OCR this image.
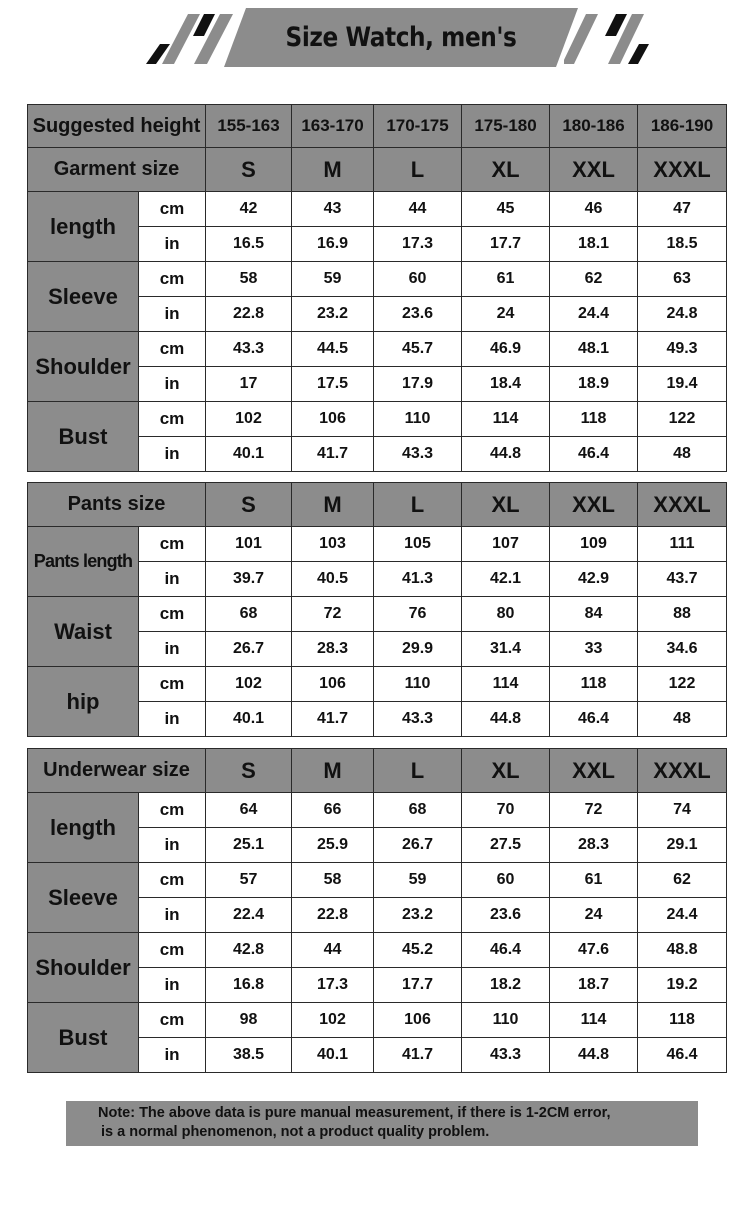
Size Watch, men's
Suggested height		155-163	163-170	170-175	175-180	180-186	186-190
Garment size		S	M	L	XL	XXL	XXXL
length	cm	42	43	44	45	46	47
	in	16.5	16.9	17.3	17.7	18.1	18.5
Sleeve	cm	58	59	60	61	62	63
	in	22.8	23.2	23.6	24	24.4	24.8
Shoulder	cm	43.3	44.5	45.7	46.9	48.1	49.3
	in	17	17.5	17.9	18.4	18.9	19.4
Bust	cm	102	106	110	114	118	122
	in	40.1	41.7	43.3	44.8	46.4	48
Pants size		S	M	L	XL	XXL	XXXL
Pants length	cm	101	103	105	107	109	111
	in	39.7	40.5	41.3	42.1	42.9	43.7
Waist	cm	68	72	76	80	84	88
	in	26.7	28.3	29.9	31.4	33	34.6
hip	cm	102	106	110	114	118	122
	in	40.1	41.7	43.3	44.8	46.4	48
Underwear size		S	M	L	XL	XXL	XXXL
length	cm	64	66	68	70	72	74
	in	25.1	25.9	26.7	27.5	28.3	29.1
Sleeve	cm	57	58	59	60	61	62
	in	22.4	22.8	23.2	23.6	24	24.4
Shoulder	cm	42.8	44	45.2	46.4	47.6	48.8
	in	16.8	17.3	17.7	18.2	18.7	19.2
Bust	cm	98	102	106	110	114	118
	in	38.5	40.1	41.7	43.3	44.8	46.4
Note: The above data is pure manual measurement, if there is 1-2CM error,
is a normal phenomenon, not a product quality problem.
